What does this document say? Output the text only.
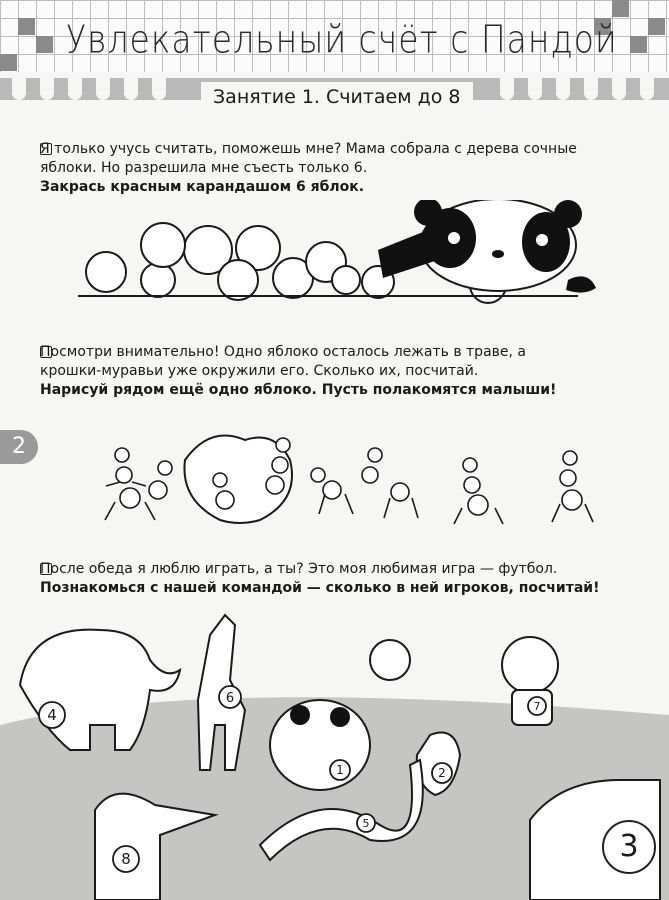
Увлекательный счёт с Пандой
Занятие 1. Считаем до 8

Я только учусь считать, поможешь мне? Мама собрала с дерева сочные

яблоки. Но разрешила мне съесть только 6.

Закрась красным карандашом 6 яблок.

Посмотри внимательно! Одно яблоко осталось лежать в траве, а

крошки-муравьи уже окружили его. Сколько их, посчитай.

Нарисуй рядом ещё одно яблоко. Пусть полакомятся малыши!

2

После обеда я люблю играть, а ты? Это моя любимая игра — футбол.

Познакомься с нашей командой — сколько в ней игроков, посчитай!

4
6
1
5
2
7
8	3
